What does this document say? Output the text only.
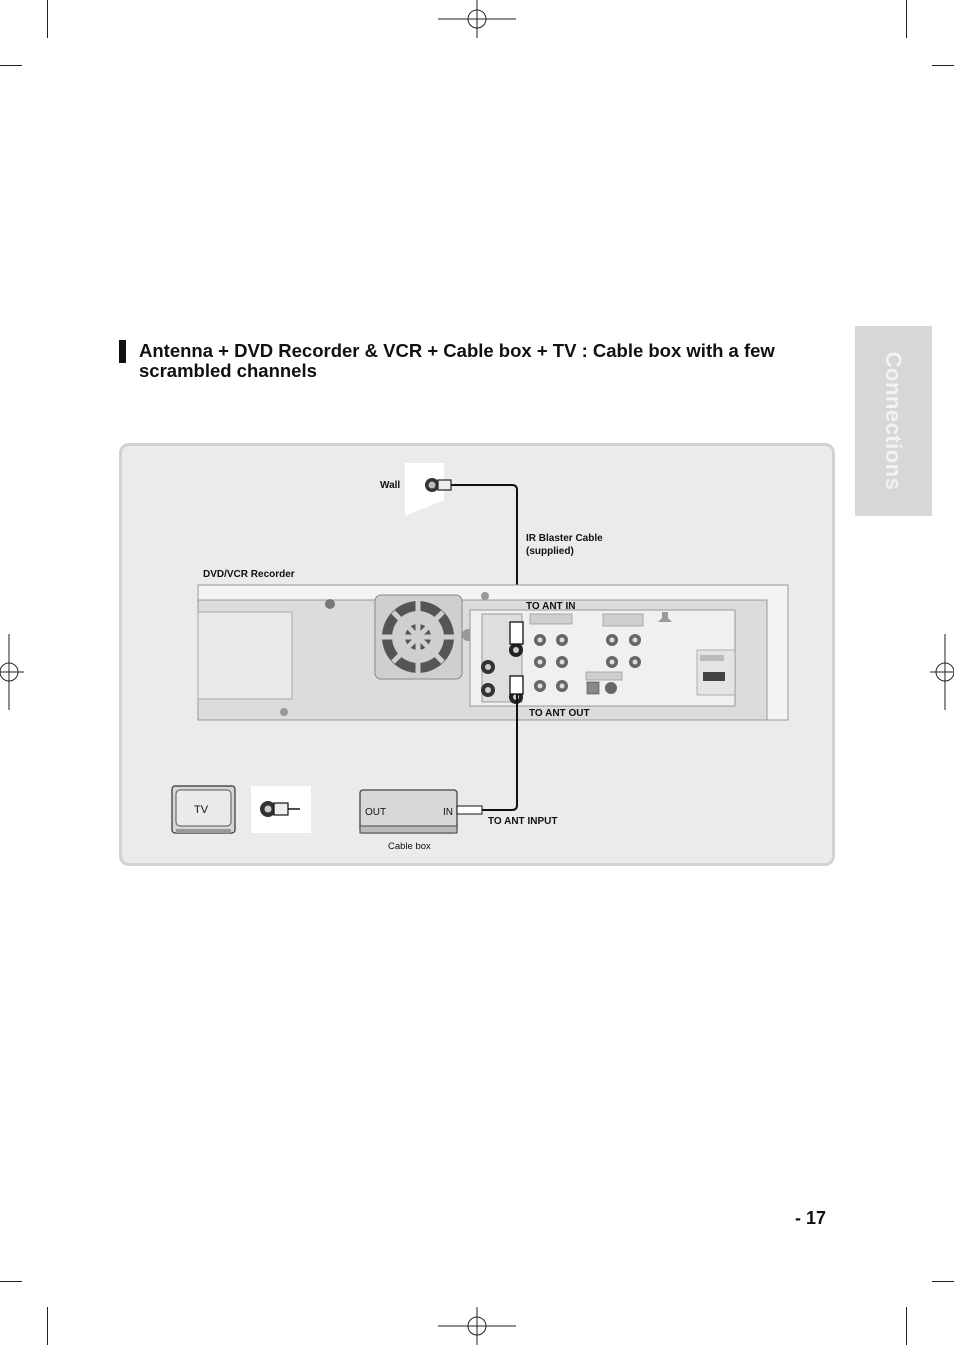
Antenna + DVD Recorder & VCR + Cable box + TV : Cable box with a few scrambled channels	Connections
Wall
IR Blaster Cable
(supplied)
DVD/VCR Recorder
TO ANT IN
TO ANT OUT
TV	OUT	IN
TO ANT INPUT
Cable box
- 17
